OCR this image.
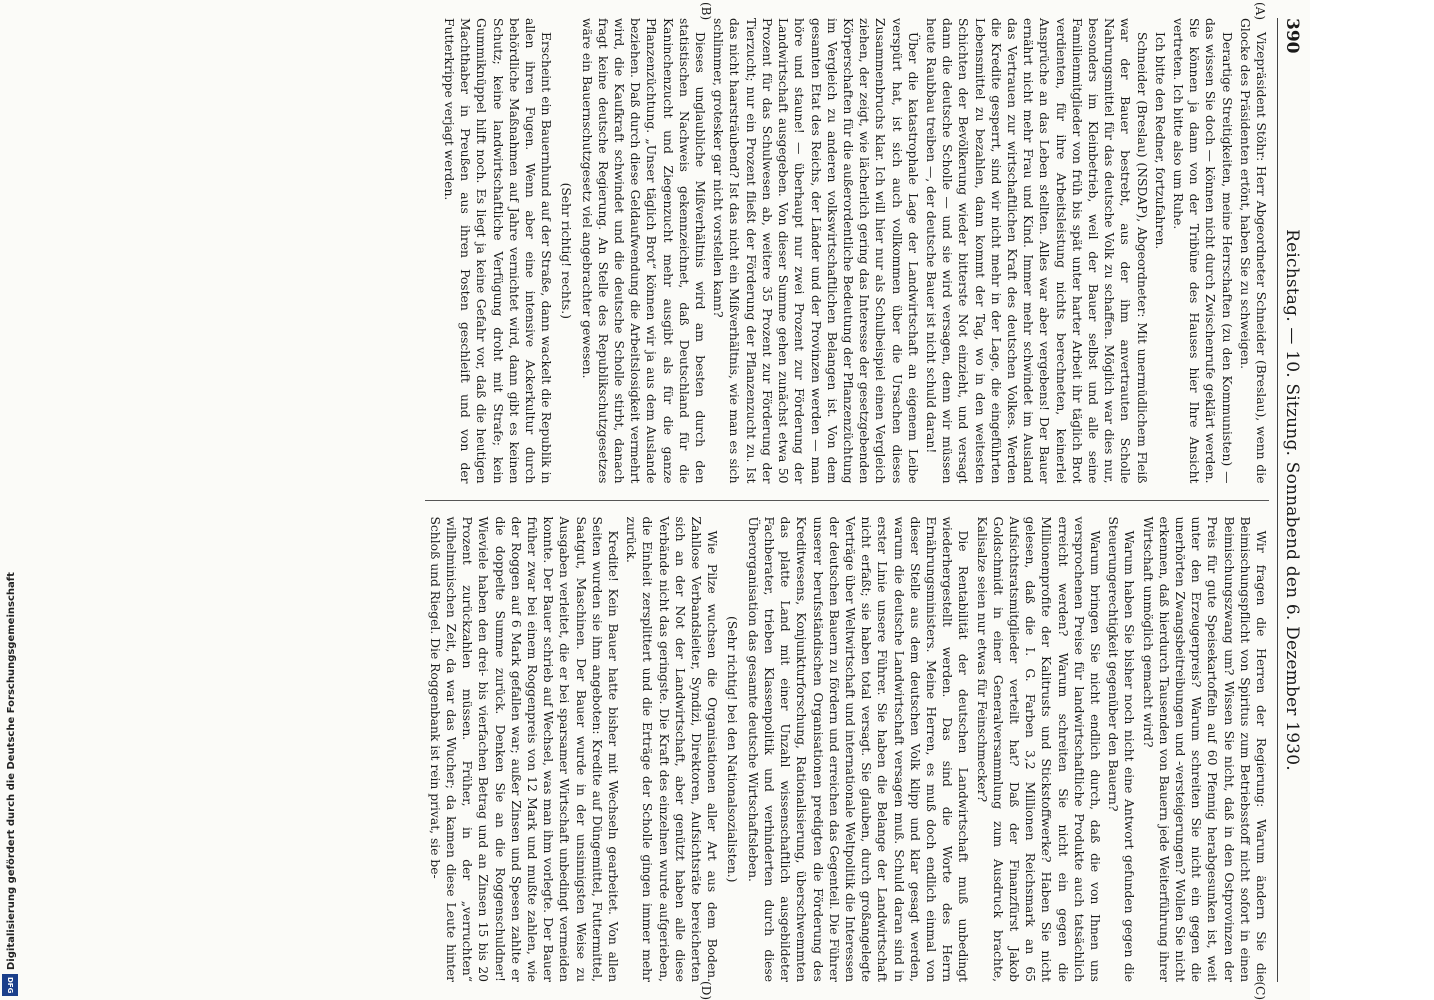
390
Reichstag. — 10. Sitzung. Sonnabend den 6. Dezember 1930.
(A)
(B)
(C)
(D)

Vizepräsident Stöhr: Herr Abgeordneter Schneider (Breslau), wenn die Glocke des Präsidenten ertönt, haben Sie zu schweigen.

Derartige Streitigkeiten, meine Herrschaften (zu den Kommunisten) — das wissen Sie doch — können nicht durch Zwischenrufe geklärt werden. Sie können ja dann von der Tribüne des Hauses hier Ihre Ansicht vertreten. Ich bitte also um Ruhe.

Ich bitte den Redner, fortzufahren.

Schneider (Breslau) (NSDAP), Abgeordneter: Mit unermüdlichem Fleiß war der Bauer bestrebt, aus der ihm anvertrauten Scholle Nahrungsmittel für das deutsche Volk zu schaffen. Möglich war dies nur, besonders im Kleinbetrieb, weil der Bauer selbst und alle seine Familienmitglieder von früh bis spät unter harter Arbeit ihr täglich Brot verdienten, für ihre Arbeitsleistung nichts berechneten, keinerlei Ansprüche an das Leben stellten. Alles war aber vergebens! Der Bauer ernährt nicht mehr Frau und Kind. Immer mehr schwindet im Ausland das Vertrauen zur wirtschaftlichen Kraft des deutschen Volkes. Werden die Kredite gesperrt, sind wir nicht mehr in der Lage, die eingeführten Lebensmittel zu bezahlen, dann kommt der Tag, wo in den weitesten Schichten der Bevölkerung wieder bitterste Not einzieht, und versagt dann die deutsche Scholle — und sie wird versagen, denn wir müssen heute Raubbau treiben —, der deutsche Bauer ist nicht schuld daran!

Über die katastrophale Lage der Landwirtschaft an eigenem Leibe verspürt hat, ist sich auch vollkommen über die Ursachen dieses Zusammenbruchs klar. Ich will hier nur als Schulbeispiel einen Vergleich ziehen, der zeigt, wie lächerlich gering das Interesse der gesetzgebenden Körperschaften für die außerordentliche Bedeutung der Pflanzenzüchtung im Vergleich zu anderen volkswirtschaftlichen Belangen ist. Von dem gesamten Etat des Reichs, der Länder und der Provinzen werden — man höre und staune! — überhaupt nur zwei Prozent zur Förderung der Landwirtschaft ausgegeben. Von dieser Summe gehen zunächst etwa 50 Prozent für das Schulwesen ab, weitere 35 Prozent zur Förderung der Tierzucht; nur ein Prozent fließt der Förderung der Pflanzenzucht zu. Ist das nicht haarsträubend? Ist das nicht ein Mißverhältnis, wie man es sich schlimmer, grotesker gar nicht vorstellen kann?

Dieses unglaubliche Mißverhältnis wird am besten durch den statistischen Nachweis gekennzeichnet, daß Deutschland für die Kaninchenzucht und Ziegenzucht mehr ausgibt als für die ganze Pflanzenzüchtung. „Unser täglich Brot“ können wir ja aus dem Auslande beziehen. Daß durch diese Geldaufwendung die Arbeitslosigkeit vermehrt wird, die Kaufkraft schwindet und die deutsche Scholle stirbt, danach fragt keine deutsche Regierung. An Stelle des Republikschutzgesetzes wäre ein Bauernschutzgesetz viel angebrachter gewesen.

(Sehr richtig! rechts.)

Erscheint ein Bauernhund auf der Straße, dann wackelt die Republik in allen ihren Fugen. Wenn aber eine intensive Ackerkultur durch behördliche Maßnahmen auf Jahre vernichtet wird, dann gibt es keinen Schutz; keine landwirtschaftliche Verfügung droht mit Strafe; kein Gummiknüppel hilft noch. Es liegt ja keine Gefahr vor, daß die heutigen Machthaber in Preußen aus ihren Posten geschleift und von der Futterkrippe verjagt werden.

Wir fragen die Herren der Regierung: Warum ändern Sie die Beimischungspflicht von Spiritus zum Betriebsstoff nicht sofort in einen Beimischungszwang um? Wissen Sie nicht, daß in den Ostprovinzen der Preis für gute Speisekartoffeln auf 60 Pfennig herabgesunken ist, weit unter den Erzeugerpreis? Warum schreiten Sie nicht ein gegen die unerhörten Zwangsbeitreibungen und -versteigerungen? Wollen Sie nicht erkennen, daß hierdurch Tausenden von Bauern jede Weiterführung ihrer Wirtschaft unmöglich gemacht wird?

Warum haben Sie bisher noch nicht eine Antwort gefunden gegen die Steuerungerechtigkeit gegenüber den Bauern?

Warum bringen Sie nicht endlich durch, daß die von Ihnen uns versprochenen Preise für landwirtschaftliche Produkte auch tatsächlich erreicht werden? Warum schreiten Sie nicht ein gegen die Millionenprofite der Kalitrusts und Stickstoffwerke? Haben Sie nicht gelesen, daß die I. G. Farben 3,2 Millionen Reichsmark an 65 Aufsichtsratsmitglieder verteilt hat? Daß der Finanzfürst Jakob Goldschmidt in einer Generalversammlung zum Ausdruck brachte, Kalisalze seien nur etwas für Feinschmecker?

Die Rentabilität der deutschen Landwirtschaft muß unbedingt wiederhergestellt werden. Das sind die Worte des Herrn Ernährungsministers. Meine Herren, es muß doch endlich einmal von dieser Stelle aus dem deutschen Volk klipp und klar gesagt werden, warum die deutsche Landwirtschaft versagen muß. Schuld daran sind in erster Linie unsere Führer. Sie haben die Belange der Landwirtschaft nicht erfaßt; sie haben total versagt. Sie glauben, durch großangelegte Verträge über Weltwirtschaft und internationale Weltpolitik die Interessen der deutschen Bauern zu fördern und erreichen das Gegenteil. Die Führer unserer berufsständischen Organisationen predigten die Förderung des Kreditwesens, Konjunkturforschung, Rationalisierung, überschwemmten das platte Land mit einer Unzahl wissenschaftlich ausgebildeter Fachberater, trieben Klassenpolitik und verhinderten durch diese Überorganisation das gesamte deutsche Wirtschaftsleben.

(Sehr richtig! bei den Nationalsozialisten.)

Wie Pilze wuchsen die Organisationen aller Art aus dem Boden. Zahllose Verbandsleiter, Syndizi, Direktoren, Aufsichtsräte bereicherten sich an der Not der Landwirtschaft, aber genützt haben alle diese Verbände nicht das geringste. Die Kraft des einzelnen wurde aufgerieben, die Einheit zersplittert und die Erträge der Scholle gingen immer mehr zurück.

Kredite! Kein Bauer hatte bisher mit Wechseln gearbeitet. Von allen Seiten wurden sie ihm angeboten: Kredite auf Düngemittel, Futtermittel, Saatgut, Maschinen. Der Bauer wurde in der unsinnigsten Weise zu Ausgaben verleitet, die er bei sparsamer Wirtschaft unbedingt vermeiden konnte. Der Bauer schrieb auf Wechsel, was man ihm vorlegte. Der Bauer früher zwar bei einem Roggenpreis von 12 Mark und mußte zahlen, wie der Roggen auf 6 Mark gefallen war; außer Zinsen und Spesen zahlte er die doppelte Summe zurück. Denken Sie an die Roggenschuldner! Wieviele haben den drei- bis vierfachen Betrag und an Zinsen 15 bis 20 Prozent zurückzahlen müssen. Früher, in der „verruchten“ wilhelminischen Zeit, da war das Wucher; da kamen diese Leute hinter Schloß und Riegel. Die Roggenbank ist rein privat, sie be-

Digitalisierung gefördert durch die Deutsche Forschungsgemeinschaft
DFG
